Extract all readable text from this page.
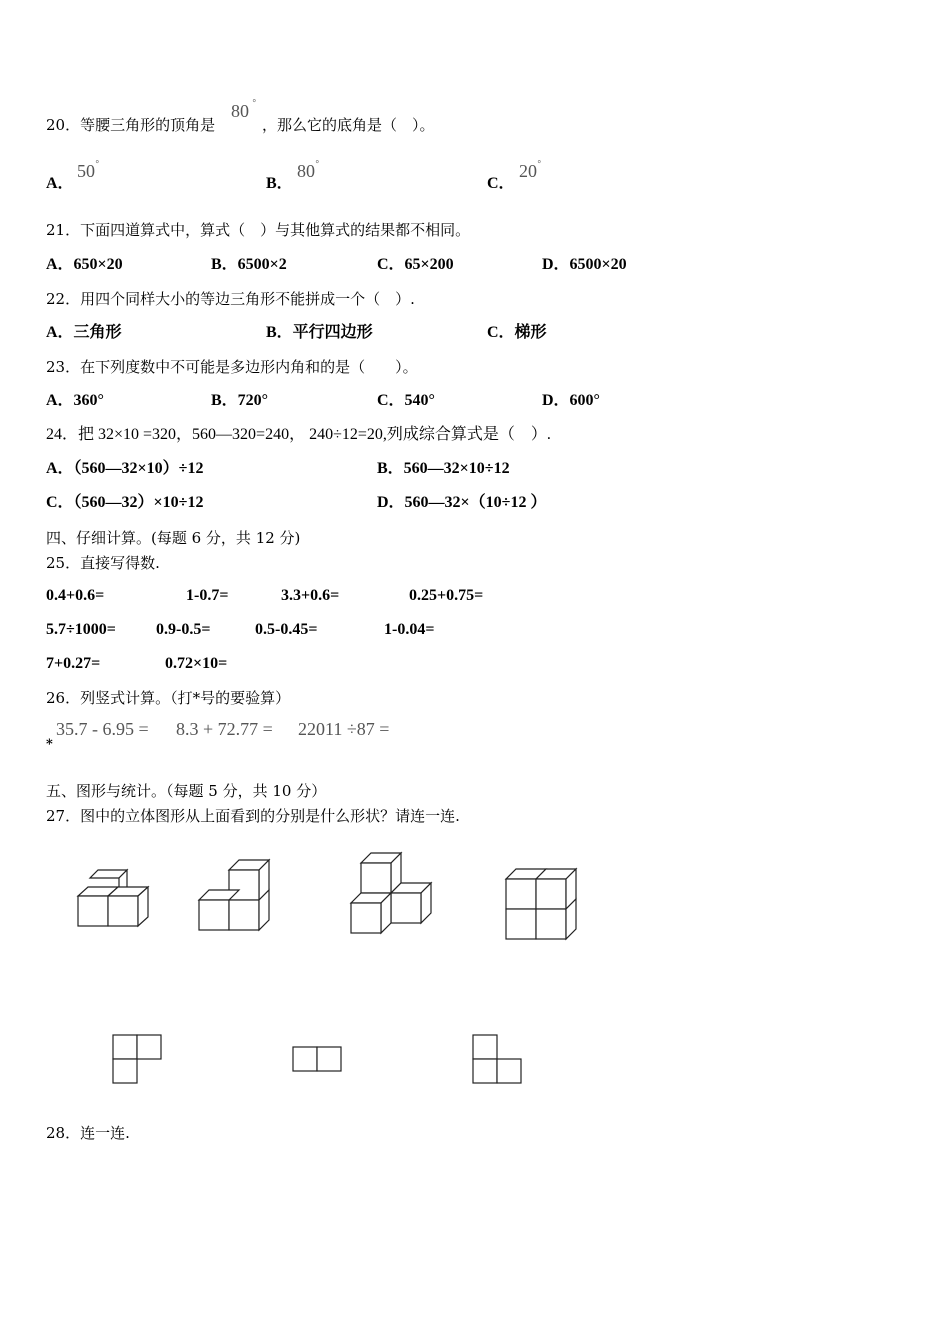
20．等腰三角形的顶角是
80 °
，那么它的底角是（　）。
A．
50 °
B．
80 °
C．
20 °
21．下面四道算式中，算式（　）与其他算式的结果都不相同。
A．650×20	B．6500×2	C．65×200	D．6500×20
22．用四个同样大小的等边三角形不能拼成一个（　）.
A．三角形	B．平行四边形	C．梯形
23．在下列度数中不可能是多边形内角和的是（　　）。
A．360°	B．720°	C．540°	D．600°
24．把 32×10 =320，560—320=240， 240÷12=20,列成综合算式是（　）.
A．（560—32×10）÷12	B．560—32×10÷12
C．（560—32）×10÷12	D．560—32×（10÷12 ）
四、仔细计算。(每题 6 分，共 12 分)
25．直接写得数.
0.4+0.6=	1-0.7=	3.3+0.6=	0.25+0.75=
5.7÷1000=	0.9-0.5=	0.5-0.45=	1-0.04=
7+0.27=	0.72×10=
26．列竖式计算。（打*号的要验算）
*
35.7 - 6.95 = 8.3 + 72.77 = 22011 ÷87 =
五、图形与统计。（每题 5 分，共 10 分）
27．图中的立体图形从上面看到的分别是什么形状？请连一连.
28．连一连.
